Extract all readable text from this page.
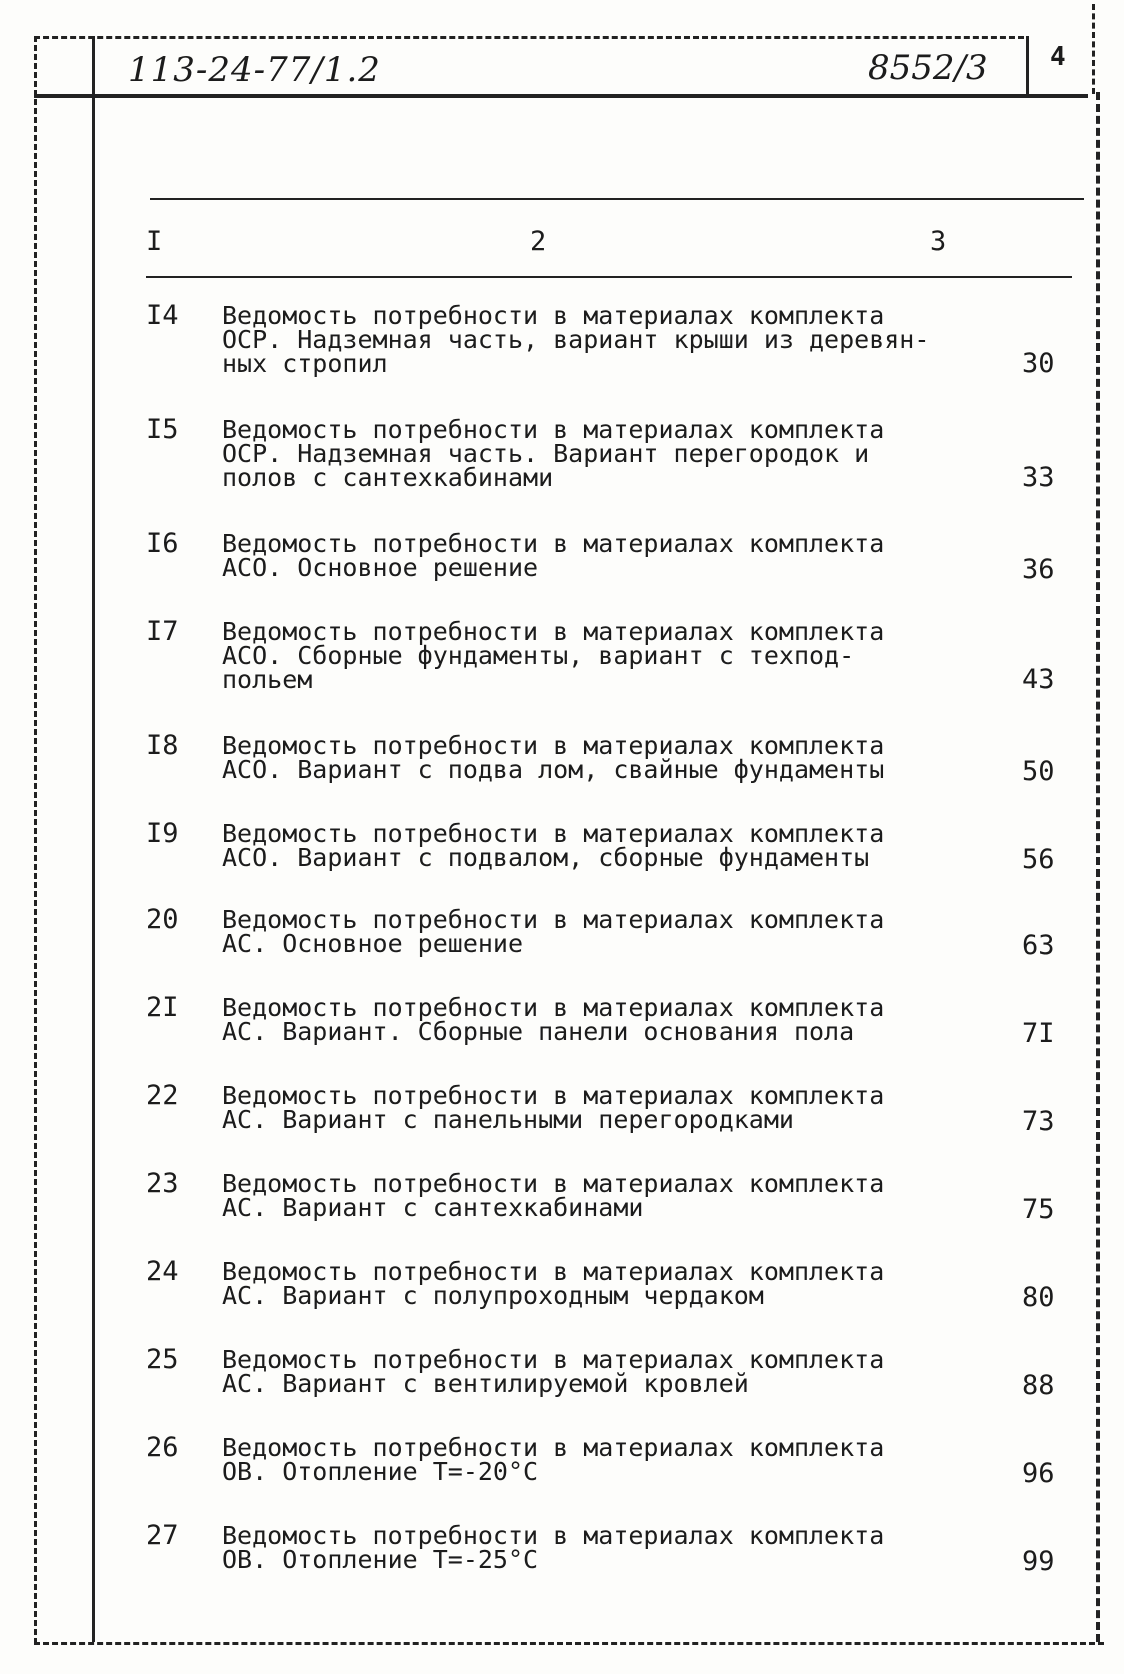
113-24-77/1.2	8552/3 4
I	2	3
I4 Ведомость потребности в материалах комплекта
ОСР. Надземная часть, вариант крыши из деревян-
ных стропил	30
I5 Ведомость потребности в материалах комплекта
ОСР. Надземная часть. Вариант перегородок и
полов с сантехкабинами	33
I6 Ведомость потребности в материалах комплекта
АСО. Основное решение	36
I7 Ведомость потребности в материалах комплекта
АСО. Сборные фундаменты, вариант с техпод-
польем	43
I8 Ведомость потребности в материалах комплекта
АСО. Вариант с подва лом, свайные фундаменты	50
I9 Ведомость потребности в материалах комплекта
АСО. Вариант с подвалом, сборные фундаменты	56
20 Ведомость потребности в материалах комплекта
АС. Основное решение	63
2I Ведомость потребности в материалах комплекта
АС. Вариант. Сборные панели основания пола	7I
22 Ведомость потребности в материалах комплекта
АС. Вариант с панельными перегородками	73
23 Ведомость потребности в материалах комплекта
АС. Вариант с сантехкабинами	75
24 Ведомость потребности в материалах комплекта
АС. Вариант с полупроходным чердаком	80
25 Ведомость потребности в материалах комплекта
АС. Вариант с вентилируемой кровлей	88
26 Ведомость потребности в материалах комплекта
ОВ. Отопление Т=-20°С	96
27 Ведомость потребности в материалах комплекта
ОВ. Отопление Т=-25°С	99
